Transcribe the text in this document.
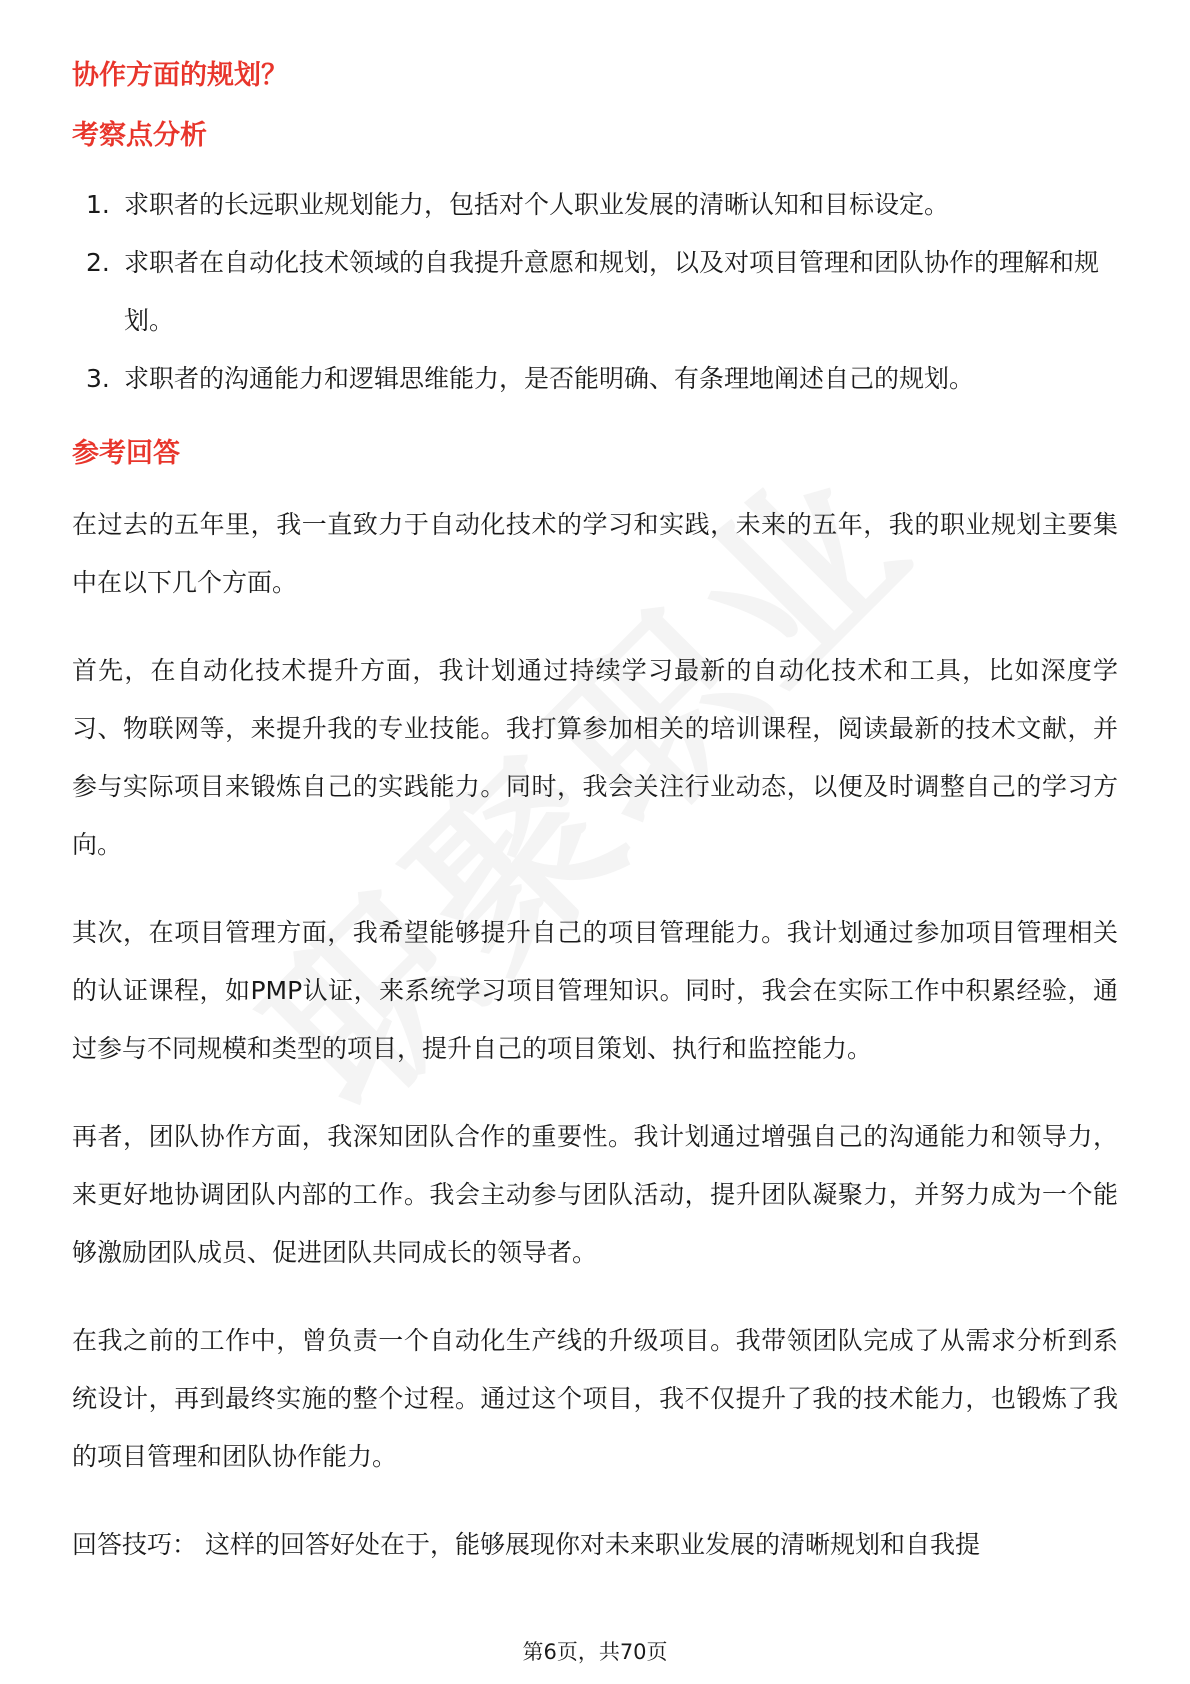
协作方面的规划？
考察点分析
1. 求职者的长远职业规划能力，包括对个人职业发展的清晰认知和目标设定。
2. 求职者在自动化技术领域的自我提升意愿和规划，以及对项目管理和团队协作的理解和规划。
3. 求职者的沟通能力和逻辑思维能力，是否能明确、有条理地阐述自己的规划。
参考回答

在过去的五年里，我一直致力于自动化技术的学习和实践，未来的五年，我的职业规划主要集中在以下几个方面。

首先，在自动化技术提升方面，我计划通过持续学习最新的自动化技术和工具，比如深度学习、物联网等，来提升我的专业技能。我打算参加相关的培训课程，阅读最新的技术文献，并参与实际项目来锻炼自己的实践能力。同时，我会关注行业动态，以便及时调整自己的学习方向。

其次，在项目管理方面，我希望能够提升自己的项目管理能力。我计划通过参加项目管理相关的认证课程，如PMP认证，来系统学习项目管理知识。同时，我会在实际工作中积累经验，通过参与不同规模和类型的项目，提升自己的项目策划、执行和监控能力。

再者，团队协作方面，我深知团队合作的重要性。我计划通过增强自己的沟通能力和领导力，来更好地协调团队内部的工作。我会主动参与团队活动，提升团队凝聚力，并努力成为一个能够激励团队成员、促进团队共同成长的领导者。

在我之前的工作中，曾负责一个自动化生产线的升级项目。我带领团队完成了从需求分析到系统设计，再到最终实施的整个过程。通过这个项目，我不仅提升了我的技术能力，也锻炼了我的项目管理和团队协作能力。

回答技巧： 这样的回答好处在于，能够展现你对未来职业发展的清晰规划和自我提

第6页，共70页
